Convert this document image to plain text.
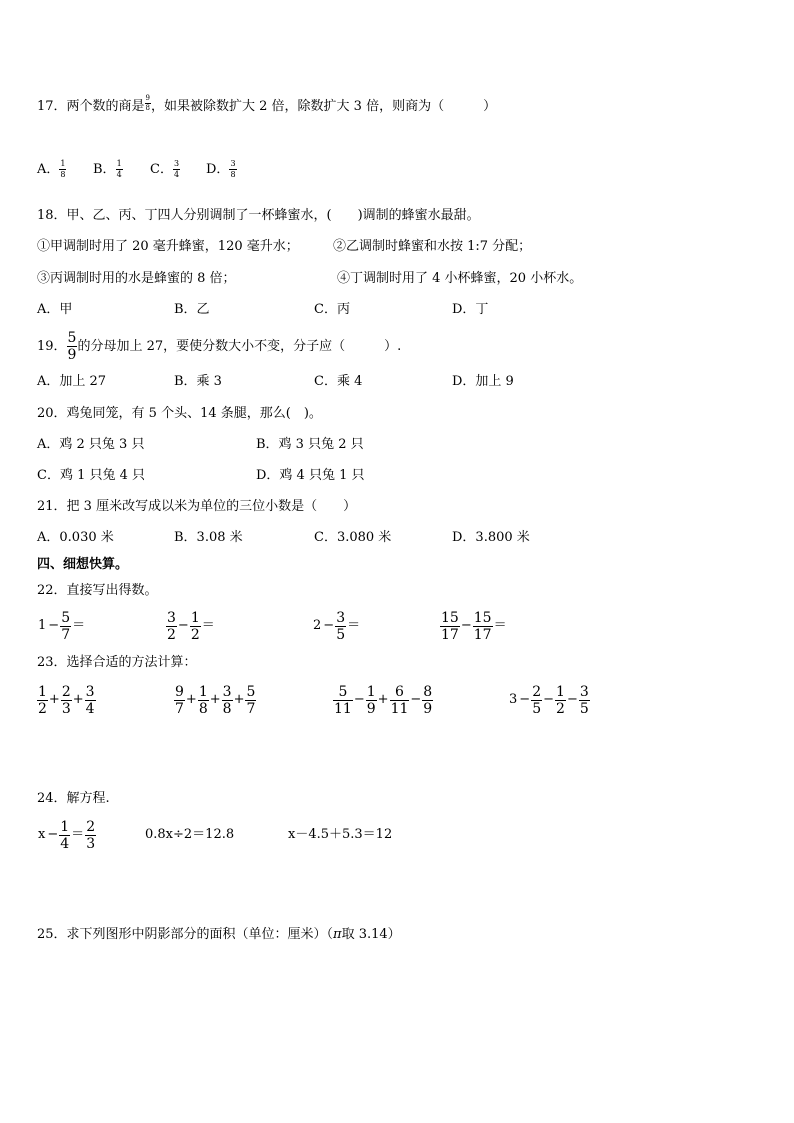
17．两个数的商是 $\frac{9}{8}$ ，如果被除数扩大 2 倍，除数扩大 3 倍，则商为（　　　）
A． $\frac{1}{8}$ B． $\frac{1}{4}$ C． $\frac{3}{4}$ D． $\frac{3}{8}$
18．甲、乙、丙、丁四人分别调制了一杯蜂蜜水，(　　)调制的蜂蜜水最甜。
①甲调制时用了 20 毫升蜂蜜，120 毫升水；	②乙调制时蜂蜜和水按 1:7 分配；
③丙调制时用的水是蜂蜜的 8 倍；	④丁调制时用了 4 小杯蜂蜜，20 小杯水。
A．甲	B．乙	C．丙	D．丁
19． $\frac{5}{9}$ 的分母加上 27，要使分数大小不变，分子应（　　　）.
A．加上 27	B．乘 3	C．乘 4	D．加上 9
20．鸡兔同笼，有 5 个头、14 条腿，那么(　)。
A．鸡 2 只兔 3 只	B．鸡 3 只兔 2 只
C．鸡 1 只兔 4 只	D．鸡 4 只兔 1 只
21．把 3 厘米改写成以米为单位的三位小数是（　　）
A．0.030 米	B．3.08 米	C．3.080 米	D．3.800 米
四、细想快算。
22．直接写出得数。
$1 - \frac{5}{7}$ ＝	$\frac{3}{2} - \frac{1}{2}$ ＝	$2 - \frac{3}{5}$ ＝	$\frac{15}{17} - \frac{15}{17}$ ＝
23．选择合适的方法计算：
$\frac{1}{2} + \frac{2}{3} + \frac{3}{4}$	$\frac{9}{7} + \frac{1}{8} + \frac{3}{8} + \frac{5}{7}$	$\frac{5}{11} - \frac{1}{9} + \frac{6}{11} - \frac{8}{9}$	$3 - \frac{2}{5} - \frac{1}{2} - \frac{3}{5}$
24．解方程.
$x - \frac{1}{4} = \frac{2}{3}$	0.8x÷2＝12.8	x－4.5＋5.3＝12
25．求下列图形中阴影部分的面积（单位：厘米）（π取 3.14）
